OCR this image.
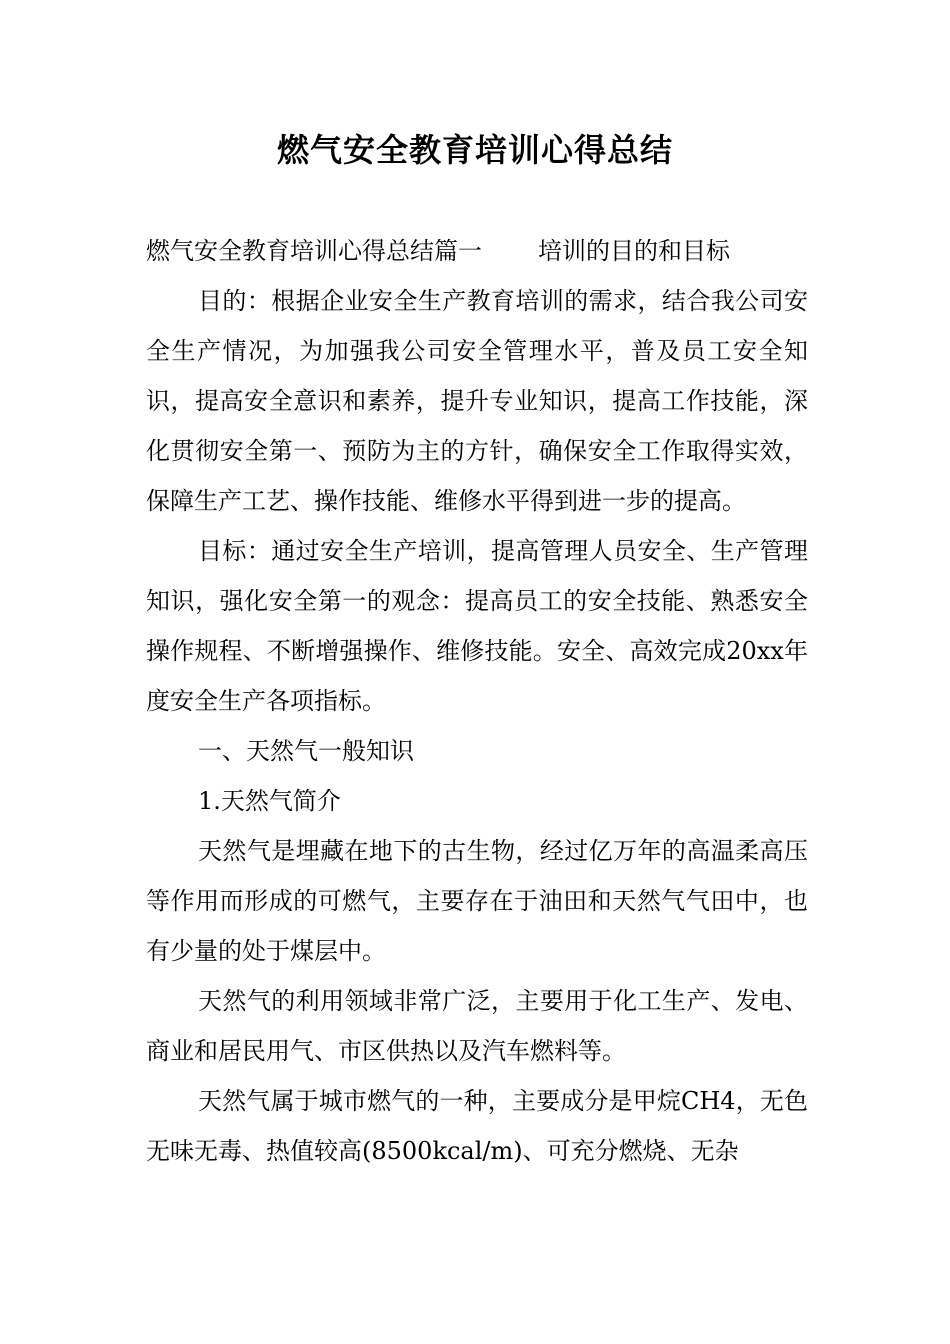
燃气安全教育培训心得总结

燃气安全教育培训心得总结篇一 培训的目的和目标

目的：根据企业安全生产教育培训的需求，结合我公司安全生产情况，为加强我公司安全管理水平，普及员工安全知识，提高安全意识和素养，提升专业知识，提高工作技能，深化贯彻安全第一、预防为主的方针，确保安全工作取得实效，保障生产工艺、操作技能、维修水平得到进一步的提高。

目标：通过安全生产培训，提高管理人员安全、生产管理知识，强化安全第一的观念：提高员工的安全技能、熟悉安全操作规程、不断增强操作、维修技能。安全、高效完成20xx年度安全生产各项指标。

一、天然气一般知识

1.天然气简介

天然气是埋藏在地下的古生物，经过亿万年的高温柔高压等作用而形成的可燃气，主要存在于油田和天然气气田中，也有少量的处于煤层中。

天然气的利用领域非常广泛，主要用于化工生产、发电、商业和居民用气、市区供热以及汽车燃料等。

天然气属于城市燃气的一种，主要成分是甲烷CH4，无色无味无毒、热值较高(8500kcal/m)、可充分燃烧、无杂
